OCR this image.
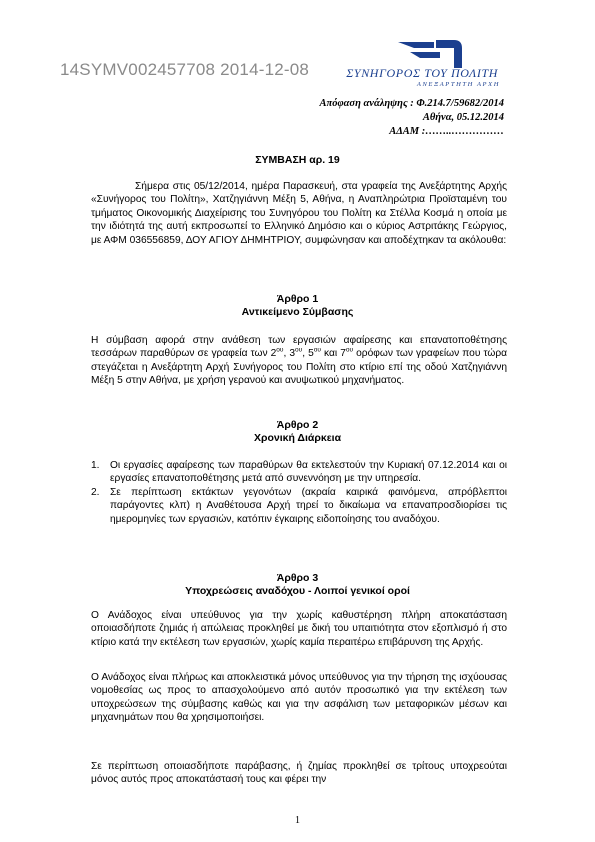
14SYMV002457708 2014-12-08	ΣΥΝΗΓΟΡΟΣ ΤΟΥ ΠΟΛΙΤΗ
ΑΝΕΞΑΡΤΗΤΗ ΑΡΧΗ
Απόφαση ανάληψης : Φ.214.7/59682/2014
Αθήνα, 05.12.2014
ΑΔΑΜ :……..……………
ΣΥΜΒΑΣΗ αρ. 19

Σήμερα στις 05/12/2014, ημέρα Παρασκευή, στα γραφεία της Ανεξάρτητης Αρχής «Συνήγορος του Πολίτη», Χατζηγιάννη Μέξη 5, Αθήνα, η Αναπληρώτρια Προϊσταμένη του τμήματος Οικονομικής Διαχείρισης του Συνηγόρου του Πολίτη κα Στέλλα Κοσμά η οποία με την ιδιότητά της αυτή εκπροσωπεί το Ελληνικό Δημόσιο και ο κύριος Αστριτάκης Γεώργιος, με ΑΦΜ 036556859, ΔΟΥ ΑΓΙΟΥ ΔΗΜΗΤΡΙΟΥ, συμφώνησαν και αποδέχτηκαν τα ακόλουθα:

Άρθρο 1
Αντικείμενο Σύμβασης

Η σύμβαση αφορά στην ανάθεση των εργασιών αφαίρεσης και επανατοποθέτησης τεσσάρων παραθύρων σε γραφεία των $2^{o\upsilon}$, $3^{o\upsilon}$, $5^{o\upsilon}$ και $7^{o\upsilon}$ ορόφων των γραφείων που τώρα στεγάζεται η Ανεξάρτητη Αρχή Συνήγορος του Πολίτη στο κτίριο επί της οδού Χατζηγιάννη Μέξη 5 στην Αθήνα, με χρήση γερανού και ανυψωτικού μηχανήματος.

Άρθρο 2
Χρονική Διάρκεια
1. Οι εργασίες αφαίρεσης των παραθύρων θα εκτελεστούν την Κυριακή 07.12.2014 και οι εργασίες επανατοποθέτησης μετά από συνεννόηση με την υπηρεσία.
2. Σε περίπτωση εκτάκτων γεγονότων (ακραία καιρικά φαινόμενα, απρόβλεπτοι παράγοντες κλπ) η Αναθέτουσα Αρχή τηρεί το δικαίωμα να επαναπροσδιορίσει τις ημερομηνίες των εργασιών, κατόπιν έγκαιρης ειδοποίησης του αναδόχου.
Άρθρο 3
Υποχρεώσεις αναδόχου - Λοιποί γενικοί οροί

Ο Ανάδοχος είναι υπεύθυνος για την χωρίς καθυστέρηση πλήρη αποκατάσταση οποιασδήποτε ζημιάς ή απώλειας προκληθεί με δική του υπαιτιότητα στον εξοπλισμό ή στο κτίριο κατά την εκτέλεση των εργασιών, χωρίς καμία περαιτέρω επιβάρυνση της Αρχής.

Ο Ανάδοχος είναι πλήρως και αποκλειστικά μόνος υπεύθυνος για την τήρηση της ισχύουσας νομοθεσίας ως προς το απασχολούμενο από αυτόν προσωπικό για την εκτέλεση των υποχρεώσεων της σύμβασης καθώς και για την ασφάλιση των μεταφορικών μέσων και μηχανημάτων που θα χρησιμοποιήσει.

Σε περίπτωση οποιασδήποτε παράβασης, ή ζημίας προκληθεί σε τρίτους υποχρεούται μόνος αυτός προς αποκατάστασή τους και φέρει την

1
